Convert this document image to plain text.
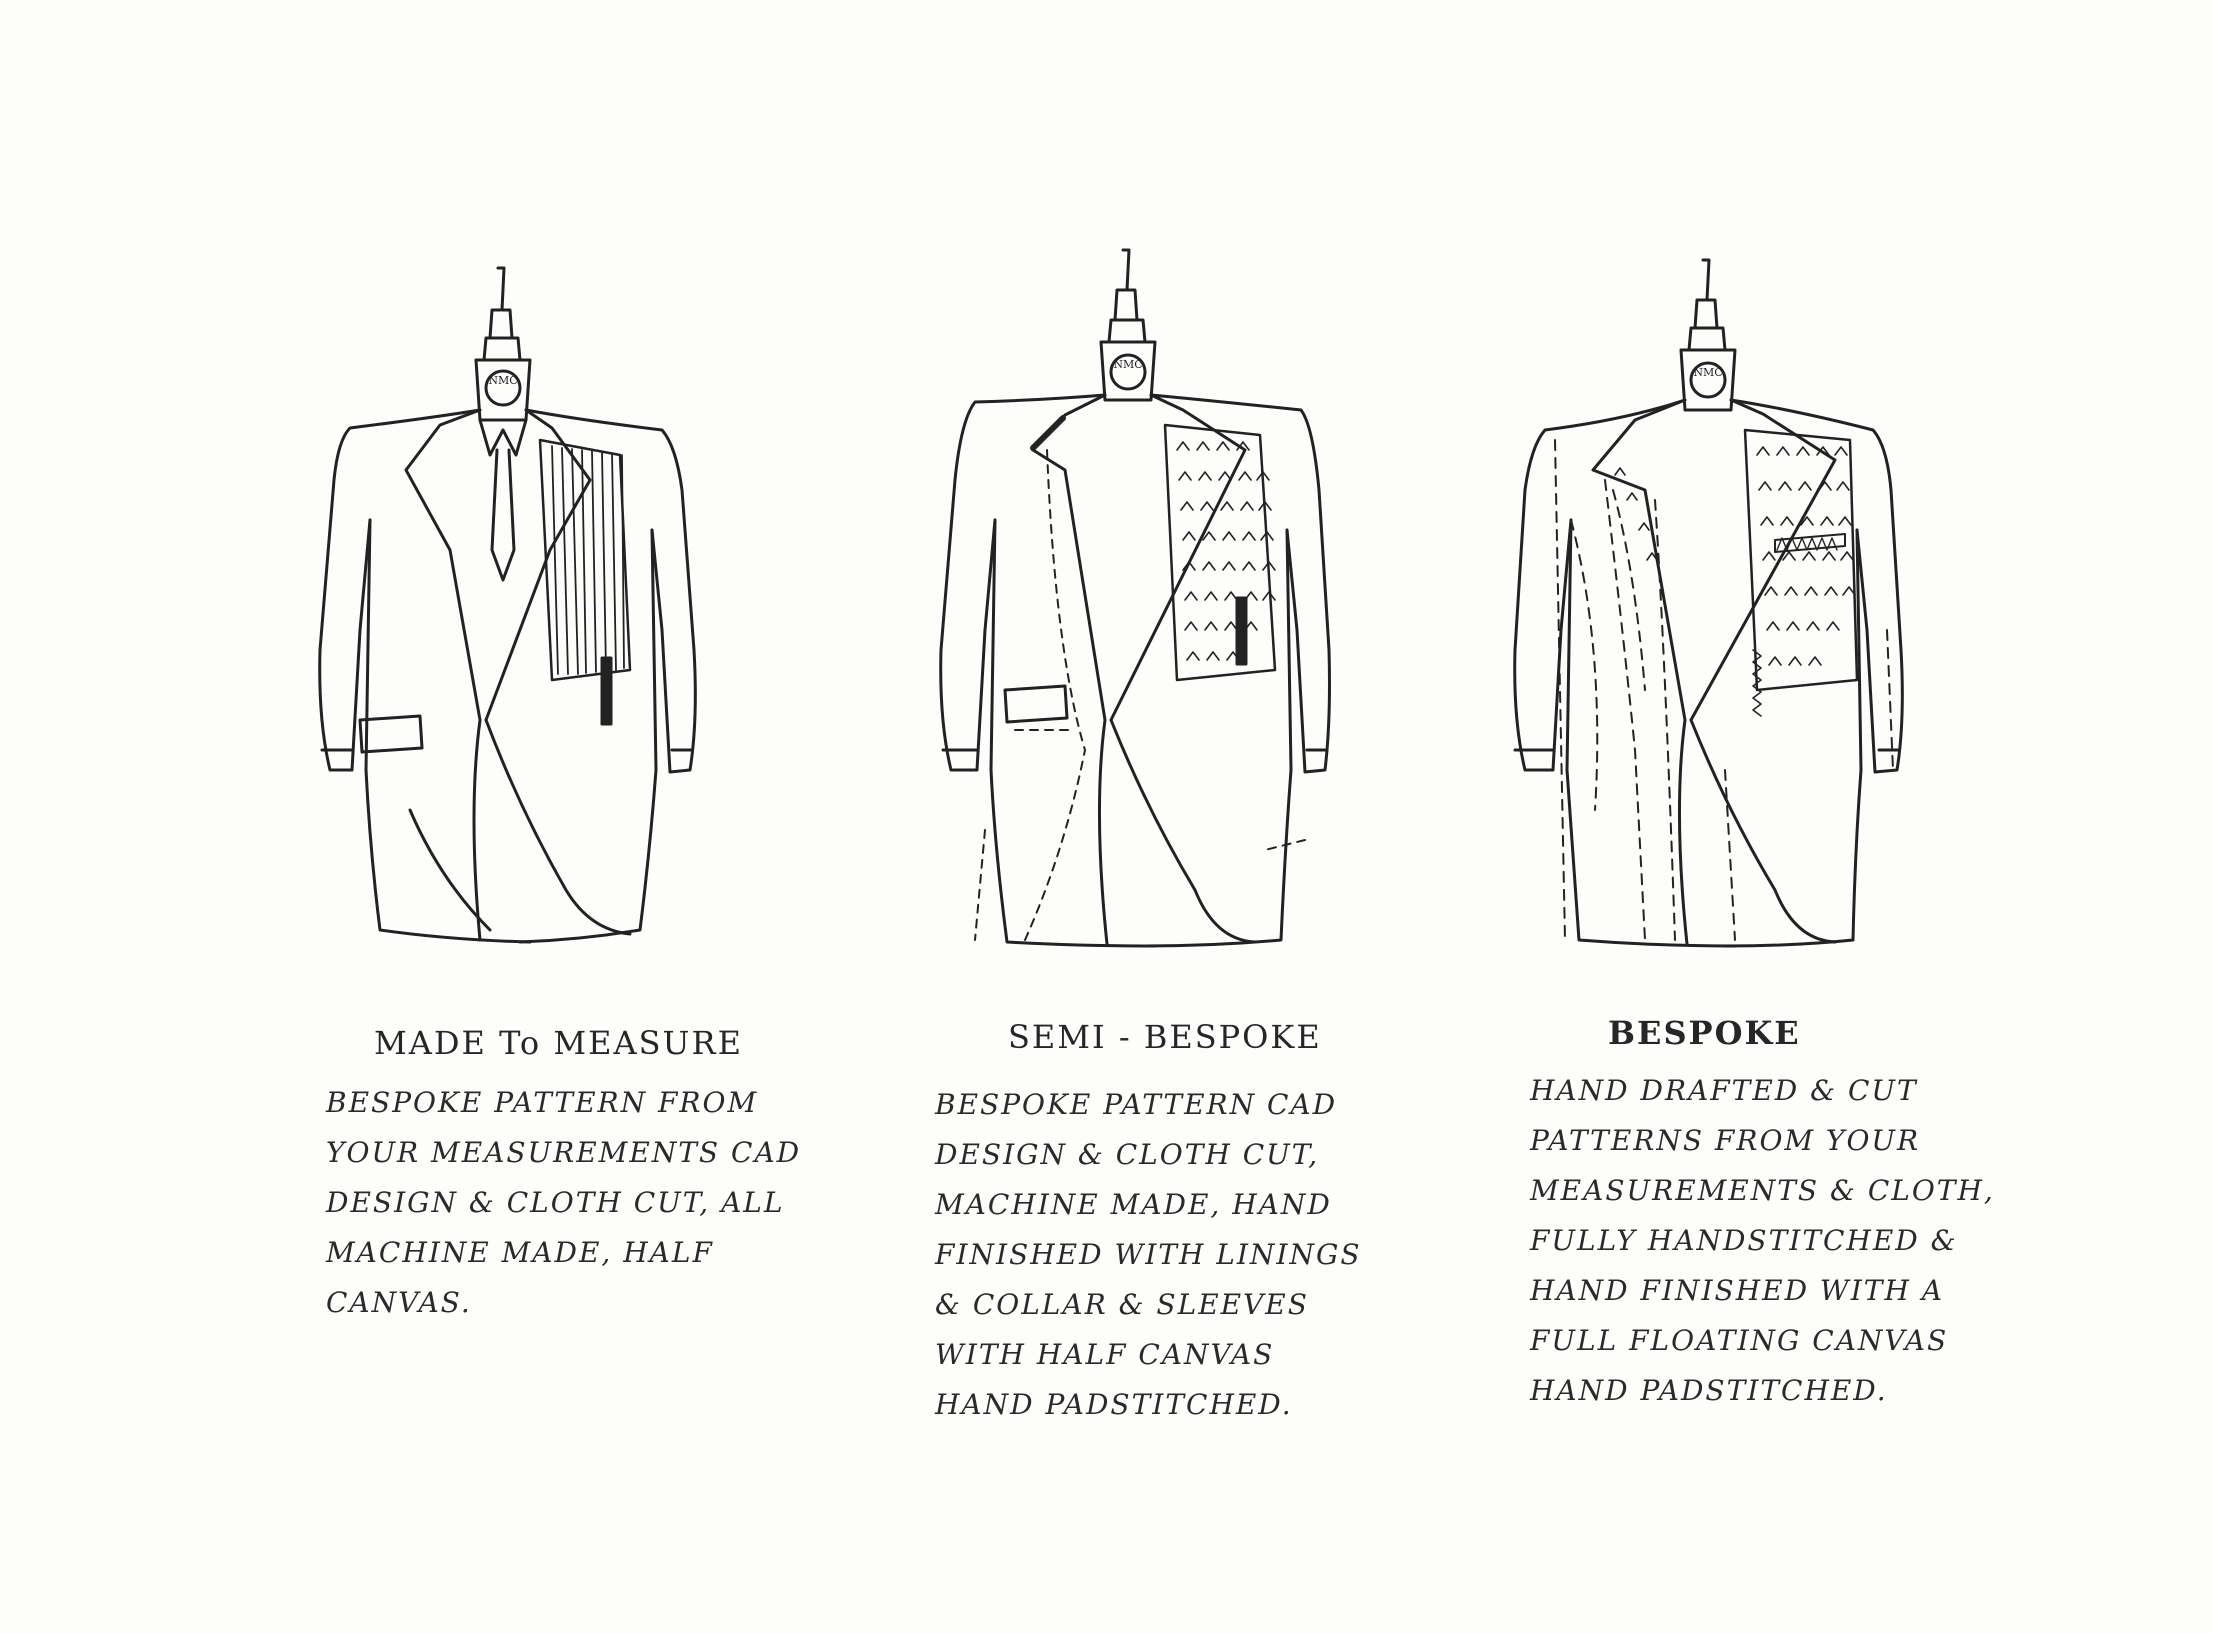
NMC
NMC
NMC
MADE To MEASURE
BESPOKE PATTERN FROM
YOUR MEASUREMENTS CAD
DESIGN & CLOTH CUT, ALL
MACHINE MADE, HALF
CANVAS.
SEMI - BESPOKE
BESPOKE PATTERN CAD
DESIGN & CLOTH CUT,
MACHINE MADE, HAND
FINISHED WITH LININGS
& COLLAR & SLEEVES
WITH HALF CANVAS
HAND PADSTITCHED.
BESPOKE
HAND DRAFTED & CUT
PATTERNS FROM YOUR
MEASUREMENTS & CLOTH,
FULLY HANDSTITCHED &
HAND FINISHED WITH A
FULL FLOATING CANVAS
HAND PADSTITCHED.
